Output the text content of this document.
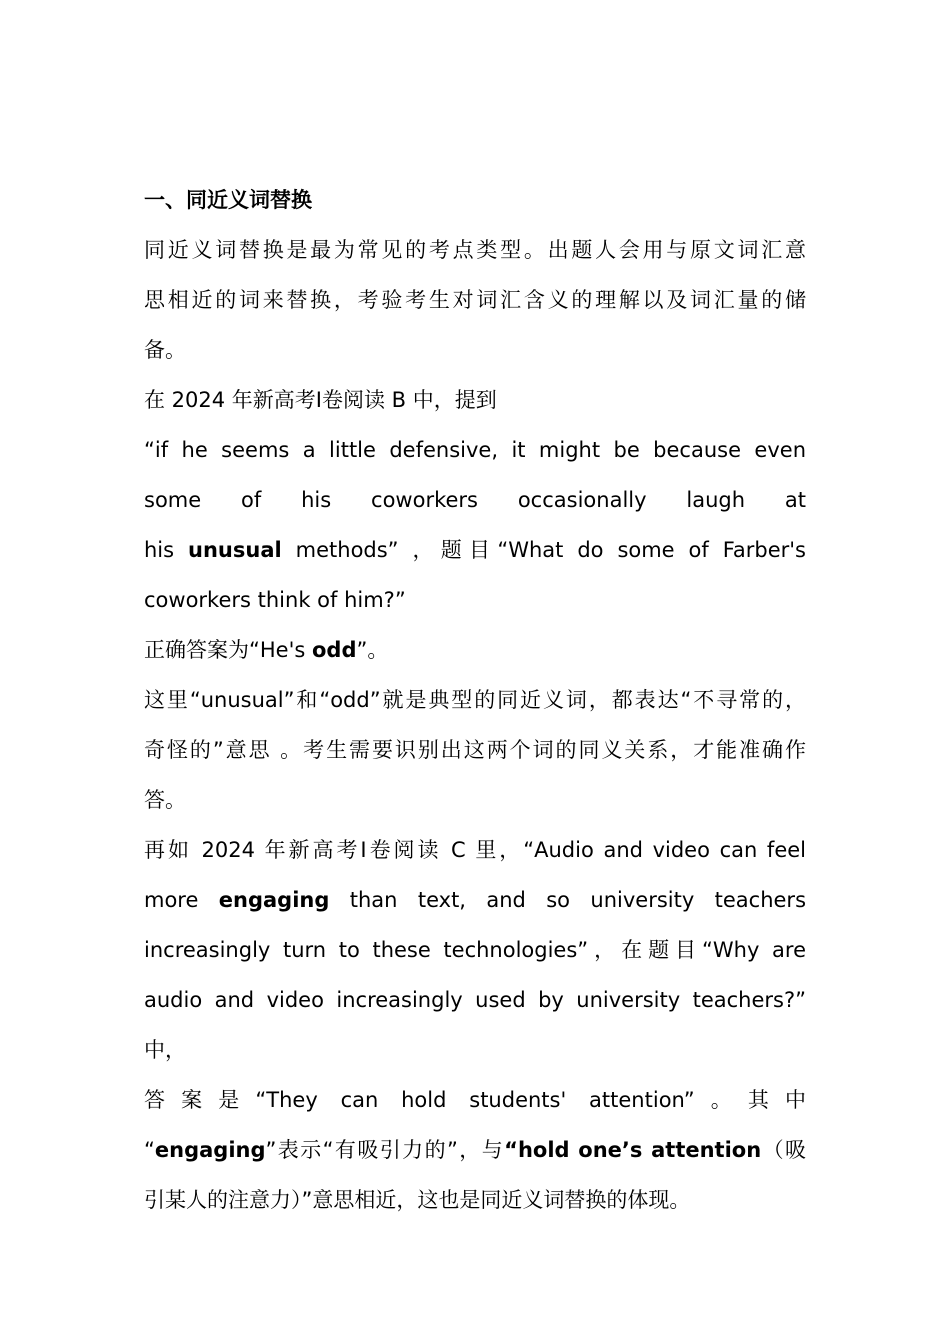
一、同近义词替换
同近义词替换是最为常见的考点类型。出题人会用与原文词汇意
思相近的词来替换，考验考生对词汇含义的理解以及词汇量的储
备。
在 2024 年新高考Ⅰ卷阅读 B 中，提到
“if he seems a little defensive, it might be because even
some of his coworkers occasionally laugh at
his unusual methods” ，题目“What do some of Farber's
coworkers think of him?”
正确答案为“He's odd”。
这里“unusual”和“odd”就是典型的同近义词，都表达“不寻常的，
奇怪的”意思 。考生需要识别出这两个词的同义关系，才能准确作
答。
再如 2024 年新高考Ⅰ卷阅读 C 里，“Audio and video can feel
more engaging than text, and so university teachers
increasingly turn to these technologies”，在题目“Why are
audio and video increasingly used by university teachers?”
中，
答案是“They can hold students' attention”。其中
“engaging”表示“有吸引力的”，与“hold one’s attention（吸
引某人的注意力）”意思相近，这也是同近义词替换的体现。
